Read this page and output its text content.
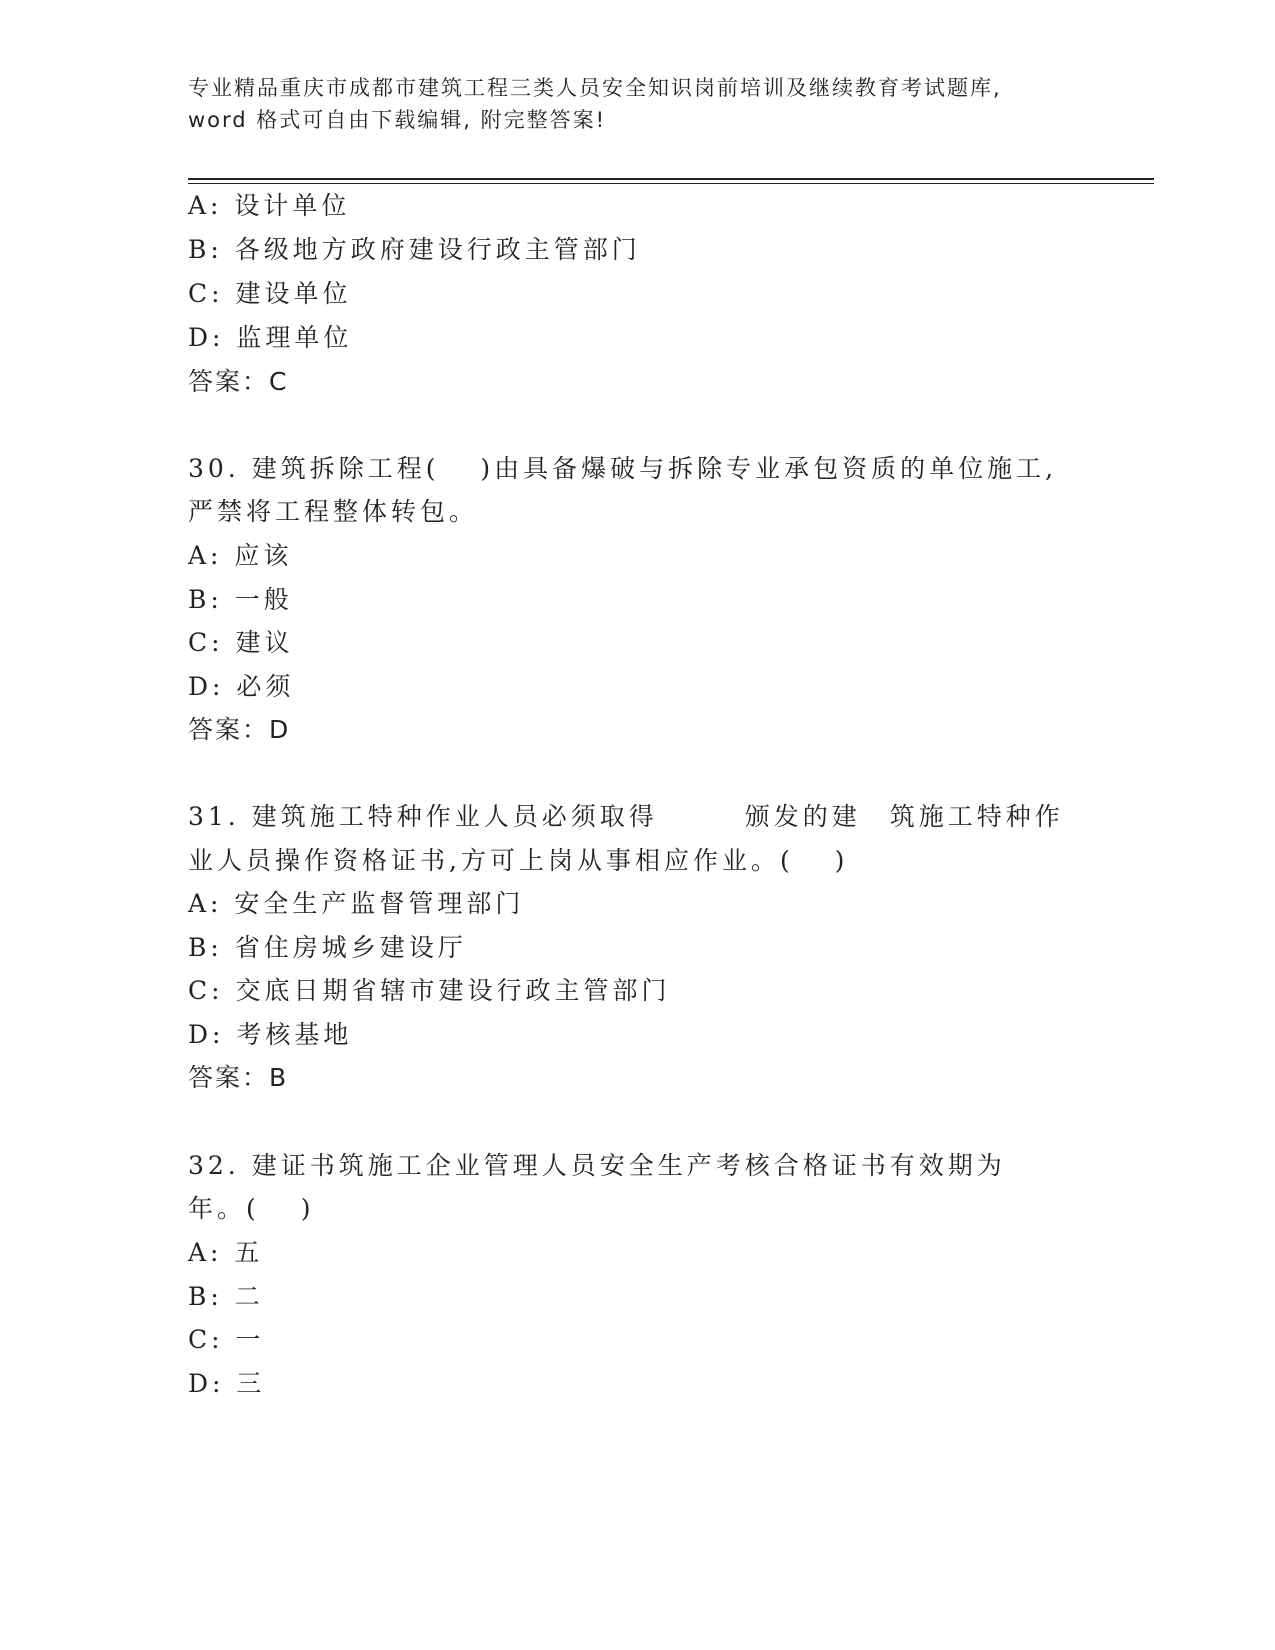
专业精品重庆市成都市建筑工程三类人员安全知识岗前培训及继续教育考试题库,
word 格式可自由下载编辑, 附完整答案!
A: 设计单位
B: 各级地方政府建设行政主管部门
C: 建设单位
D: 监理单位
答案：C
30. 建筑拆除工程(　 )由具备爆破与拆除专业承包资质的单位施工,
严禁将工程整体转包。
A: 应该
B: 一般
C: 建议
D: 必须
答案：D
31. 建筑施工特种作业人员必须取得　　　颁发的建　筑施工特种作
业人员操作资格证书,方可上岗从事相应作业。(　 )
A: 安全生产监督管理部门
B: 省住房城乡建设厅
C: 交底日期省辖市建设行政主管部门
D: 考核基地
答案：B
32. 建证书筑施工企业管理人员安全生产考核合格证书有效期为
年。(　 )
A: 五
B: 二
C: 一
D: 三
